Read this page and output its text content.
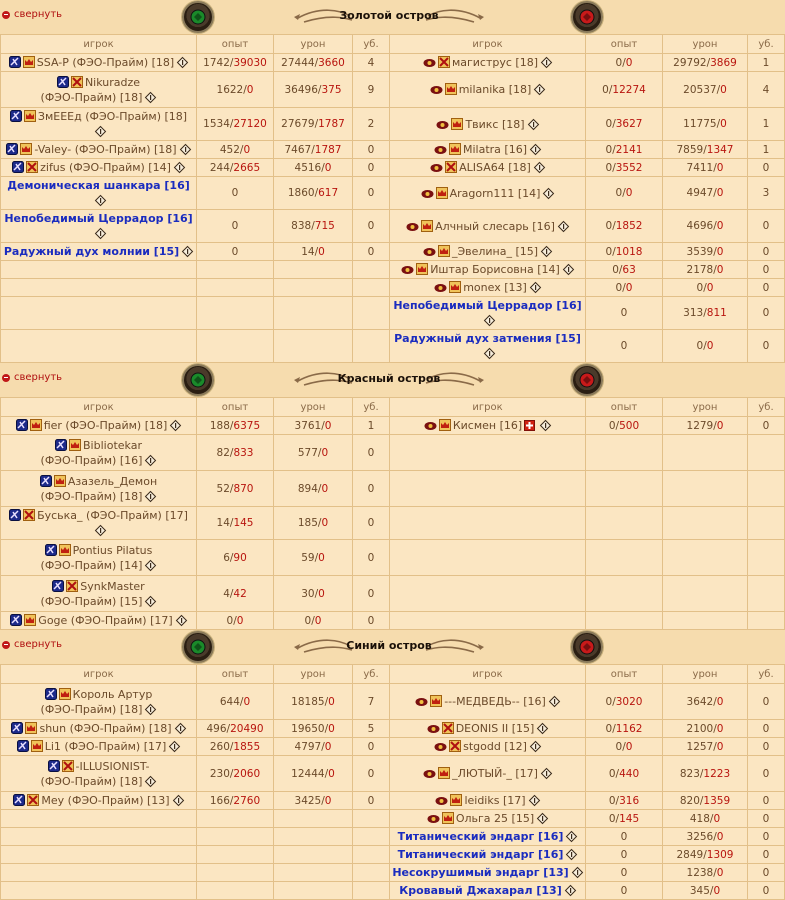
свернуть	Золотой остров
игрок	опыт	урон	уб.	игрок	опыт	урон	уб.
SSA-P (ФЭО-Прайм) [18]	1742/39030	27444/3660	4	магиструс [18]	0/0	29792/3869	1
Nikuradze
(ФЭО-Прайм) [18]	1622/0	36496/375	9	milanika [18]	0/12274	20537/0	4
ЗмЕЕЕд (ФЭО-Прайм) [18]	1534/27120	27679/1787	2	Твикс [18]	0/3627	11775/0	1
-Valey- (ФЭО-Прайм) [18]	452/0	7467/1787	0	Milatra [16]	0/2141	7859/1347	1
zifus (ФЭО-Прайм) [14]	244/2665	4516/0	0	ALISA64 [18]	0/3552	7411/0	0
Демоническая шанкара [16]	0	1860/617	0	Aragorn111 [14]	0/0	4947/0	3
Непобедимый Церрадор [16]	0	838/715	0	Алчный слесарь [16]	0/1852	4696/0	0
Радужный дух молнии [15]	0	14/0	0	_Эвелина_ [15]	0/1018	3539/0	0
				Иштар Борисовна [14]	0/63	2178/0	0
				monex [13]	0/0	0/0	0
				Непобедимый Церрадор [16]	0	313/811	0
				Радужный дух затмения [15]	0	0/0	0
свернуть	Красный остров
игрок	опыт	урон	уб.	игрок	опыт	урон	уб.
fier (ФЭО-Прайм) [18]	188/6375	3761/0	1	Кисмен [16]	0/500	1279/0	0
Bibliotekar
(ФЭО-Прайм) [16]	82/833	577/0	0				
Азазель_Демон
(ФЭО-Прайм) [18]	52/870	894/0	0				
Буська_ (ФЭО-Прайм) [17]	14/145	185/0	0				
Pontius Pilatus
(ФЭО-Прайм) [14]	6/90	59/0	0				
SynkMaster
(ФЭО-Прайм) [15]	4/42	30/0	0				
Goge (ФЭО-Прайм) [17]	0/0	0/0	0				
свернуть	Синий остров
игрок	опыт	урон	уб.	игрок	опыт	урон	уб.
Король Артур
(ФЭО-Прайм) [18]	644/0	18185/0	7	---МЕДВЕДЬ-- [16]	0/3020	3642/0	0
shun (ФЭО-Прайм) [18]	496/20490	19650/0	5	DEONIS II [15]	0/1162	2100/0	0
Li1 (ФЭО-Прайм) [17]	260/1855	4797/0	0	stgodd [12]	0/0	1257/0	0
-ILLUSIONIST-
(ФЭО-Прайм) [18]	230/2060	12444/0	0	_ЛЮТЫЙ-_ [17]	0/440	823/1223	0
Mey (ФЭО-Прайм) [13]	166/2760	3425/0	0	leidiks [17]	0/316	820/1359	0
				Ольга 25 [15]	0/145	418/0	0
				Титанический эндарг [16]	0	3256/0	0
				Титанический эндарг [16]	0	2849/1309	0
				Несокрушимый эндарг [13]	0	1238/0	0
				Кровавый Джахарал [13]	0	345/0	0
